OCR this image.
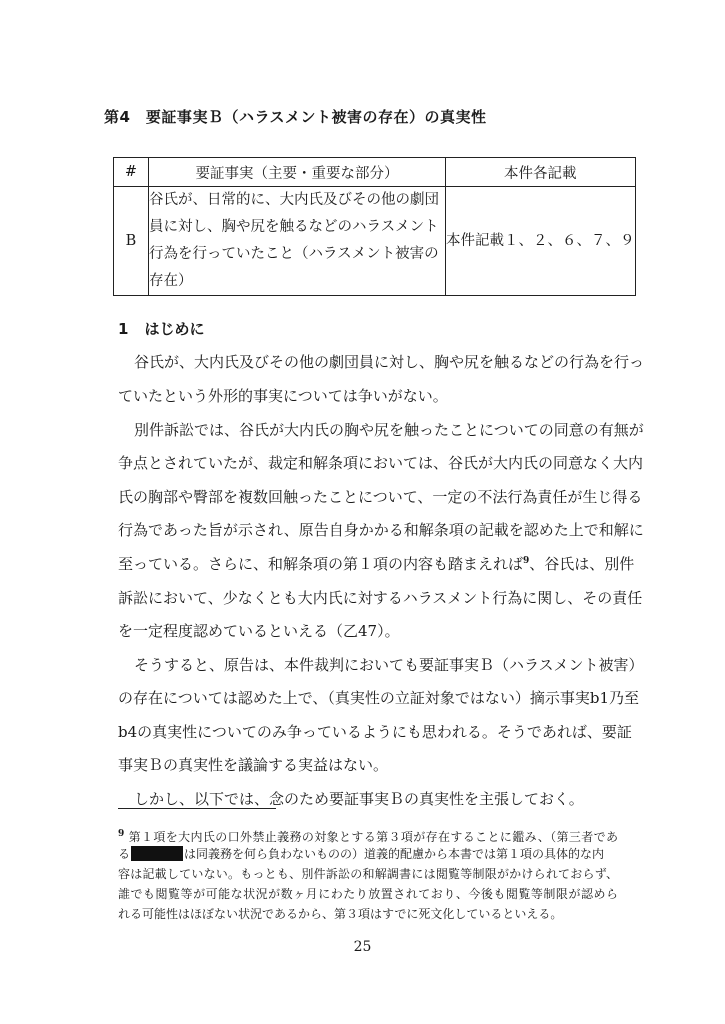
第4　要証事実Ｂ（ハラスメント被害の存在）の真実性
#	要証事実（主要・重要な部分）	本件各記載
B	谷氏が、日常的に、大内氏及びその他の劇団
員に対し、胸や尻を触るなどのハラスメント
行為を行っていたこと（ハラスメント被害の
存在）	本件記載１、２、６、７、９
1 はじめに
谷氏が、大内氏及びその他の劇団員に対し、胸や尻を触るなどの行為を行っ
ていたという外形的事実については争いがない。
別件訴訟では、谷氏が大内氏の胸や尻を触ったことについての同意の有無が
争点とされていたが、裁定和解条項においては、谷氏が大内氏の同意なく大内
氏の胸部や臀部を複数回触ったことについて、一定の不法行為責任が生じ得る
行為であった旨が示され、原告自身かかる和解条項の記載を認めた上で和解に
至っている。さらに、和解条項の第１項の内容も踏まえれば$^9$、谷氏は、別件
訴訟において、少なくとも大内氏に対するハラスメント行為に関し、その責任
を一定程度認めているといえる（乙47）。
そうすると、原告は、本件裁判においても要証事実Ｂ（ハラスメント被害）
の存在については認めた上で、（真実性の立証対象ではない）摘示事実b1乃至
b4の真実性についてのみ争っているようにも思われる。そうであれば、要証
事実Ｂの真実性を議論する実益はない。
しかし、以下では、念のため要証事実Ｂの真実性を主張しておく。
$^9$ 第１項を大内氏の口外禁止義務の対象とする第３項が存在することに鑑み、（第三者であ
る	は同義務を何ら負わないものの）道義的配慮から本書では第１項の具体的な内
容は記載していない。もっとも、別件訴訟の和解調書には閲覧等制限がかけられておらず、
誰でも閲覧等が可能な状況が数ヶ月にわたり放置されており、今後も閲覧等制限が認めら
れる可能性はほぼない状況であるから、第３項はすでに死文化しているといえる。
25
